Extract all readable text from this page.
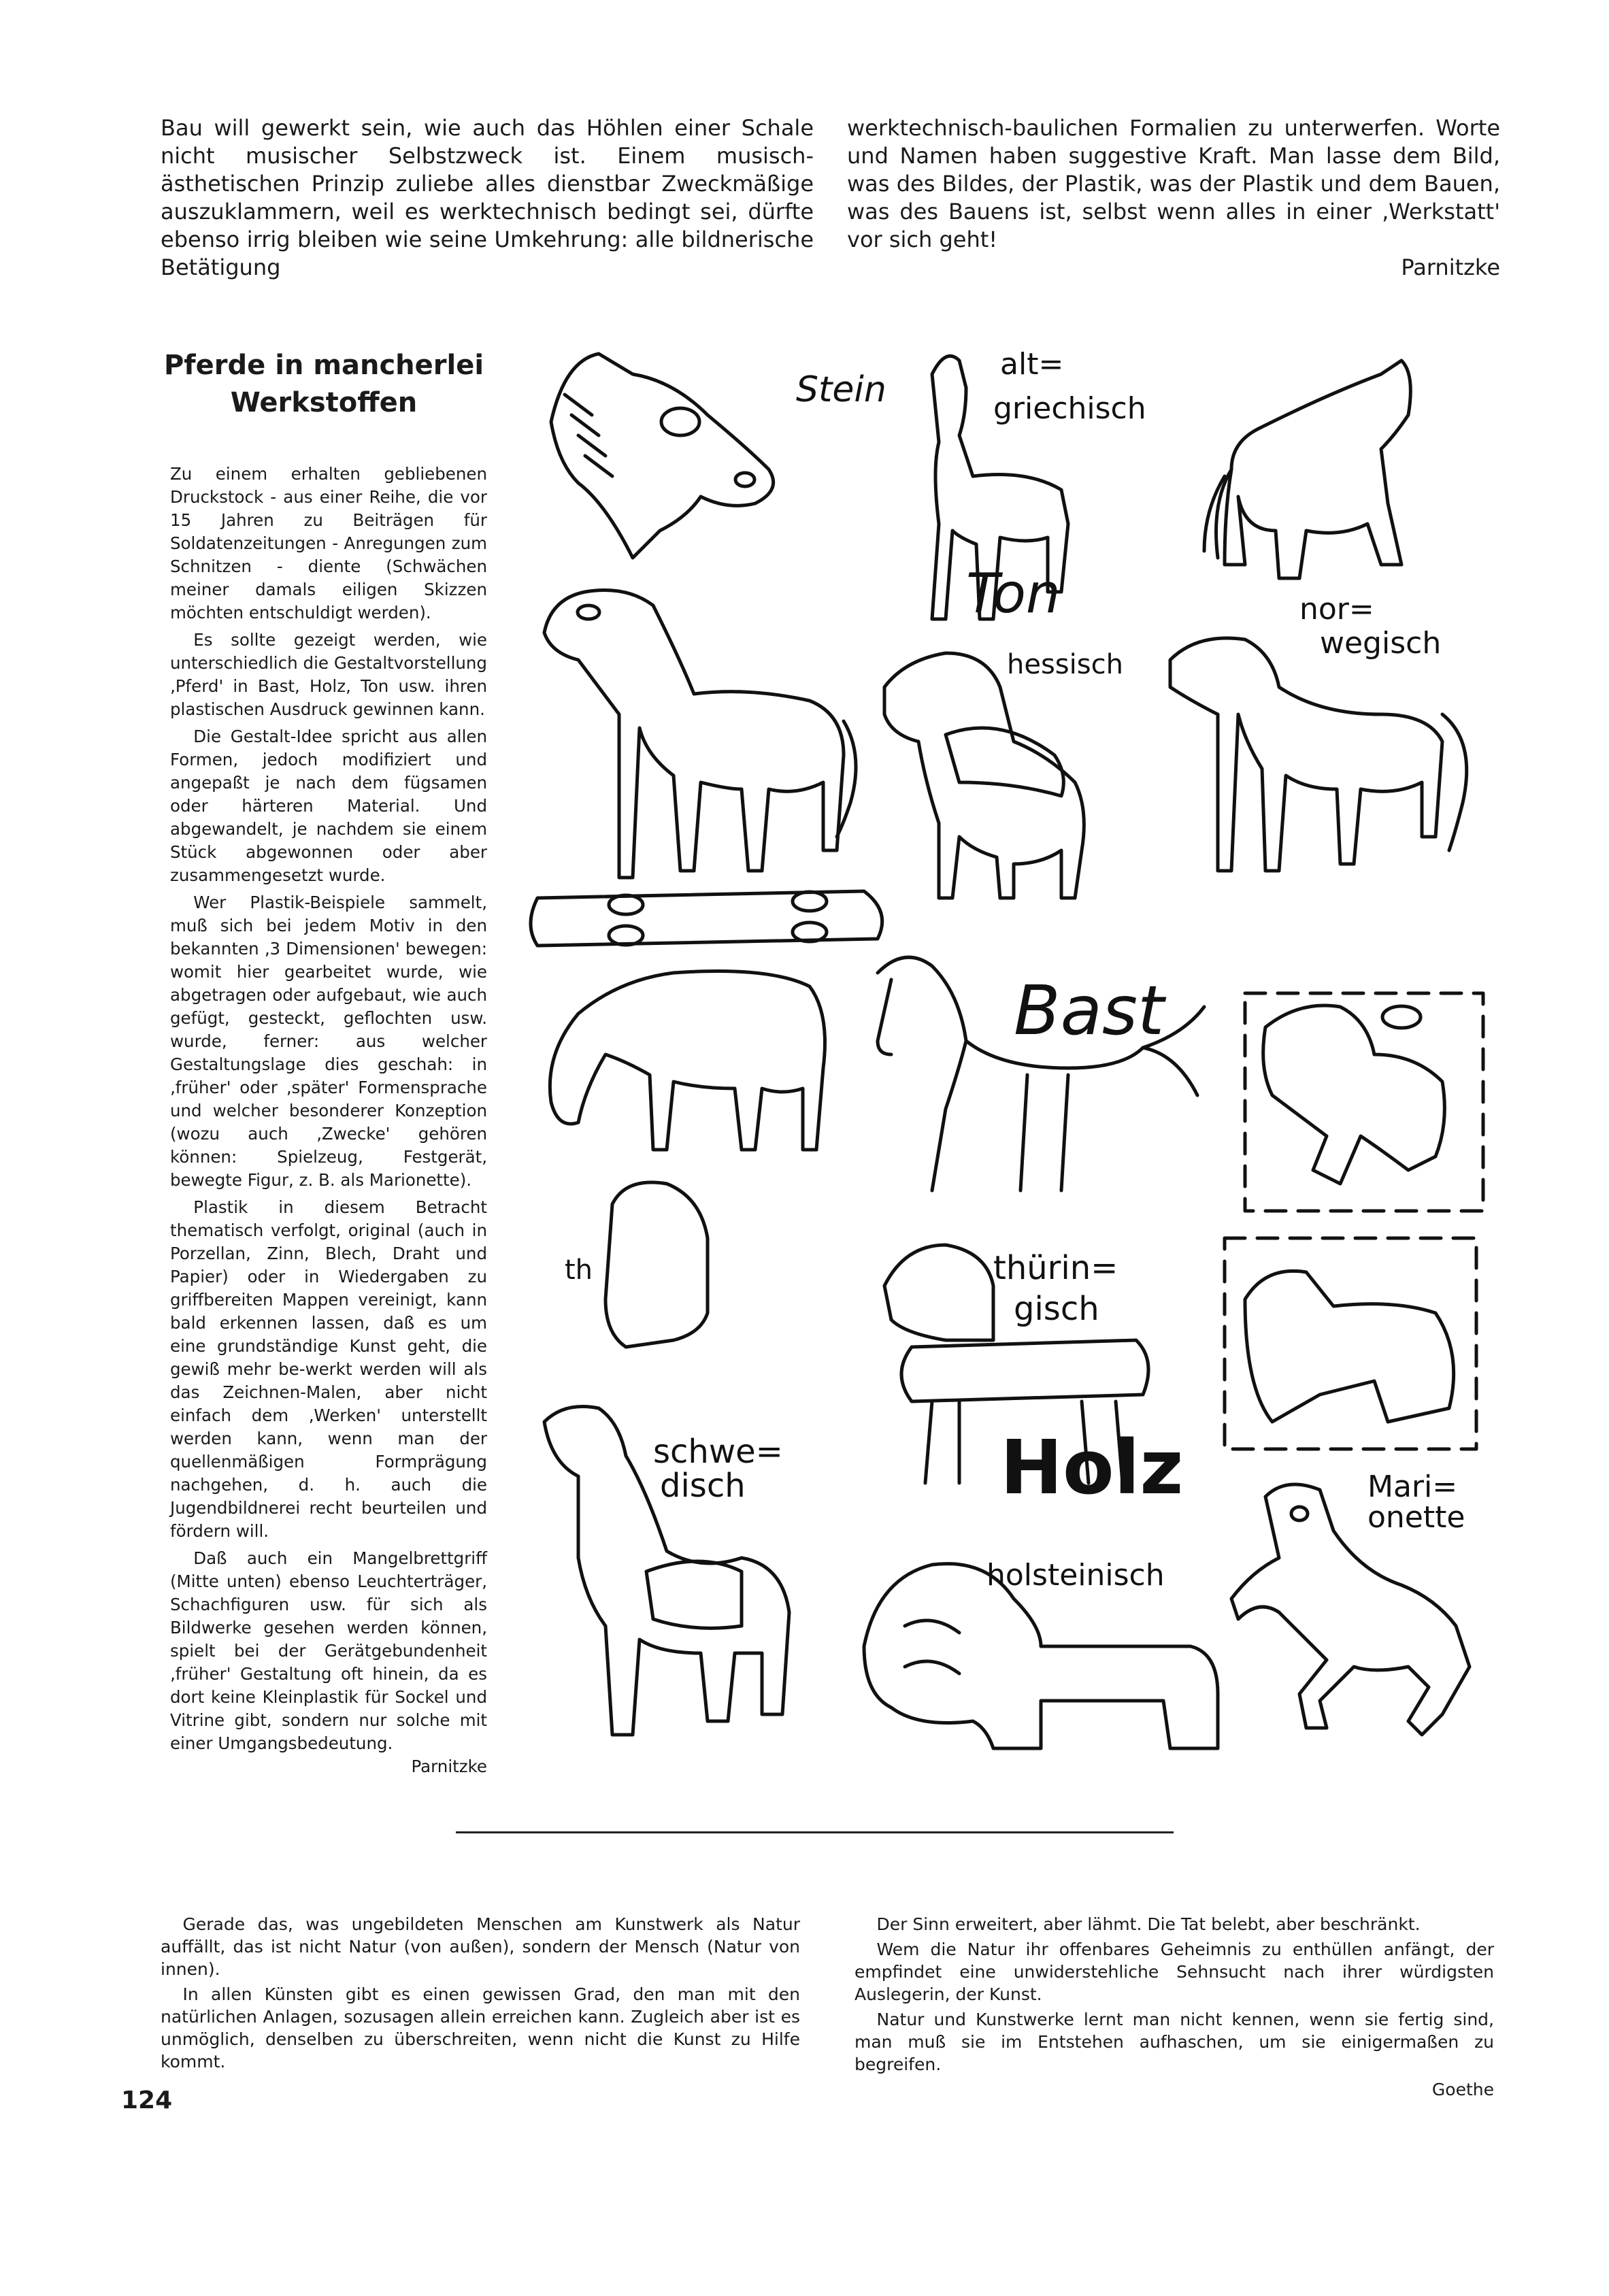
Bau will gewerkt sein, wie auch das Höhlen einer Schale nicht musischer Selbstzweck ist. Einem musisch-ästhetischen Prinzip zuliebe alles dienstbar Zweckmäßige auszuklammern, weil es werktechnisch bedingt sei, dürfte ebenso irrig bleiben wie seine Umkehrung: alle bildnerische Betätigung

werktechnisch-baulichen Formalien zu unterwerfen. Worte und Namen haben suggestive Kraft. Man lasse dem Bild, was des Bildes, der Plastik, was der Plastik und dem Bauen, was des Bauens ist, selbst wenn alles in einer ‚Werkstatt' vor sich geht!

Parnitzke

Pferde in mancherlei
Werkstoffen

Zu einem erhalten gebliebenen Druckstock - aus einer Reihe, die vor 15 Jahren zu Beiträgen für Soldatenzeitungen - Anregungen zum Schnitzen - diente (Schwächen meiner damals eiligen Skizzen möchten entschuldigt werden).

Es sollte gezeigt werden, wie unterschiedlich die Gestaltvorstellung ‚Pferd' in Bast, Holz, Ton usw. ihren plastischen Ausdruck gewinnen kann.

Die Gestalt-Idee spricht aus allen Formen, jedoch modifiziert und angepaßt je nach dem fügsamen oder härteren Material. Und abgewandelt, je nachdem sie einem Stück abgewonnen oder aber zusammengesetzt wurde.

Wer Plastik-Beispiele sammelt, muß sich bei jedem Motiv in den bekannten ‚3 Dimensionen' bewegen: womit hier gearbeitet wurde, wie abgetragen oder aufgebaut, wie auch gefügt, gesteckt, geflochten usw. wurde, ferner: aus welcher Gestaltungslage dies geschah: in ‚früher' oder ‚später' Formensprache und welcher besonderer Konzeption (wozu auch ‚Zwecke' gehören können: Spielzeug, Festgerät, bewegte Figur, z. B. als Marionette).

Plastik in diesem Betracht thematisch verfolgt, original (auch in Porzellan, Zinn, Blech, Draht und Papier) oder in Wiedergaben zu griffbereiten Mappen vereinigt, kann bald erkennen lassen, daß es um eine grundständige Kunst geht, die gewiß mehr be-werkt werden will als das Zeichnen-Malen, aber nicht einfach dem ‚Werken' unterstellt werden kann, wenn man der quellenmäßigen Formprägung nachgehen, d. h. auch die Jugendbildnerei recht beurteilen und fördern will.

Daß auch ein Mangelbrettgriff (Mitte unten) ebenso Leuchterträger, Schachfiguren usw. für sich als Bildwerke gesehen werden können, spielt bei der Gerätgebundenheit ‚früher' Gestaltung oft hinein, da es dort keine Kleinplastik für Sockel und Vitrine gibt, sondern nur solche mit einer Umgangsbedeutung.
Parnitzke

Stein
alt=
griechisch
Ton
hessisch
nor=
wegisch
Bast
th	thürin=
gisch
schwe=
disch	Holz
holsteinisch
Mari=
onette

Gerade das, was ungebildeten Menschen am Kunstwerk als Natur auffällt, das ist nicht Natur (von außen), sondern der Mensch (Natur von innen).

In allen Künsten gibt es einen gewissen Grad, den man mit den natürlichen Anlagen, sozusagen allein erreichen kann. Zugleich aber ist es unmöglich, denselben zu überschreiten, wenn nicht die Kunst zu Hilfe kommt.

Der Sinn erweitert, aber lähmt. Die Tat belebt, aber beschränkt.

Wem die Natur ihr offenbares Geheimnis zu enthüllen anfängt, der empfindet eine unwiderstehliche Sehnsucht nach ihrer würdigsten Auslegerin, der Kunst.

Natur und Kunstwerke lernt man nicht kennen, wenn sie fertig sind, man muß sie im Entstehen aufhaschen, um sie einigermaßen zu begreifen.

Goethe

124
